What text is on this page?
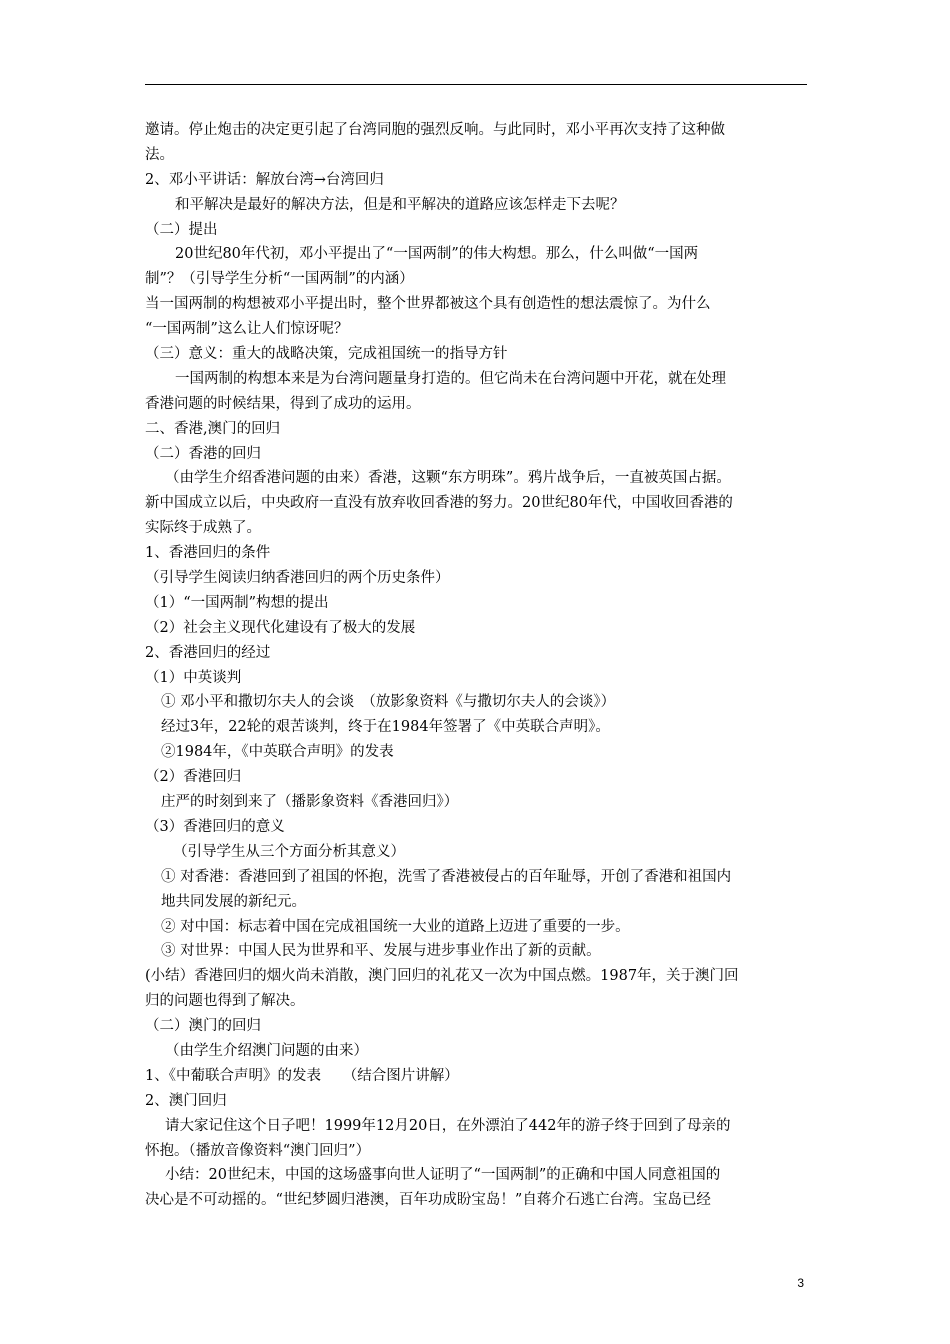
邀请。停止炮击的决定更引起了台湾同胞的强烈反响。与此同时，邓小平再次支持了这种做
法。
2、邓小平讲话：解放台湾→台湾回归
和平解决是最好的解决方法，但是和平解决的道路应该怎样走下去呢？
（二）提出
20世纪80年代初，邓小平提出了“一国两制”的伟大构想。那么，什么叫做“一国两
制”？（引导学生分析“一国两制”的内涵）
当一国两制的构想被邓小平提出时，整个世界都被这个具有创造性的想法震惊了。为什么
“一国两制”这么让人们惊讶呢？
（三）意义：重大的战略决策，完成祖国统一的指导方针
一国两制的构想本来是为台湾问题量身打造的。但它尚未在台湾问题中开花，就在处理
香港问题的时候结果，得到了成功的运用。
二、香港,澳门的回归
（二）香港的回归
（由学生介绍香港问题的由来）香港，这颗“东方明珠”。鸦片战争后，一直被英国占据。
新中国成立以后，中央政府一直没有放弃收回香港的努力。20世纪80年代，中国收回香港的
实际终于成熟了。
1、香港回归的条件
（引导学生阅读归纳香港回归的两个历史条件）
（1）“一国两制”构想的提出
（2）社会主义现代化建设有了极大的发展
2、香港回归的经过
（1）中英谈判
① 邓小平和撒切尔夫人的会谈　（放影象资料《与撒切尔夫人的会谈》）
经过3年，22轮的艰苦谈判，终于在1984年签署了《中英联合声明》。
②1984年，《中英联合声明》的发表
（2）香港回归
庄严的时刻到来了（播影象资料《香港回归》）
（3）香港回归的意义
（引导学生从三个方面分析其意义）
① 对香港：香港回到了祖国的怀抱，洗雪了香港被侵占的百年耻辱，开创了香港和祖国内
地共同发展的新纪元。
② 对中国：标志着中国在完成祖国统一大业的道路上迈进了重要的一步。
③ 对世界：中国人民为世界和平、发展与进步事业作出了新的贡献。
(小结）香港回归的烟火尚未消散，澳门回归的礼花又一次为中国点燃。1987年，关于澳门回
归的问题也得到了解决。
（二）澳门的回归
（由学生介绍澳门问题的由来）
1、《中葡联合声明》的发表　　（结合图片讲解）
2、澳门回归
请大家记住这个日子吧！1999年12月20日，在外漂泊了442年的游子终于回到了母亲的
怀抱。（播放音像资料“澳门回归”）
小结：20世纪末，中国的这场盛事向世人证明了“一国两制”的正确和中国人同意祖国的
决心是不可动摇的。“世纪梦圆归港澳，百年功成盼宝岛！”自蒋介石逃亡台湾。宝岛已经
3
